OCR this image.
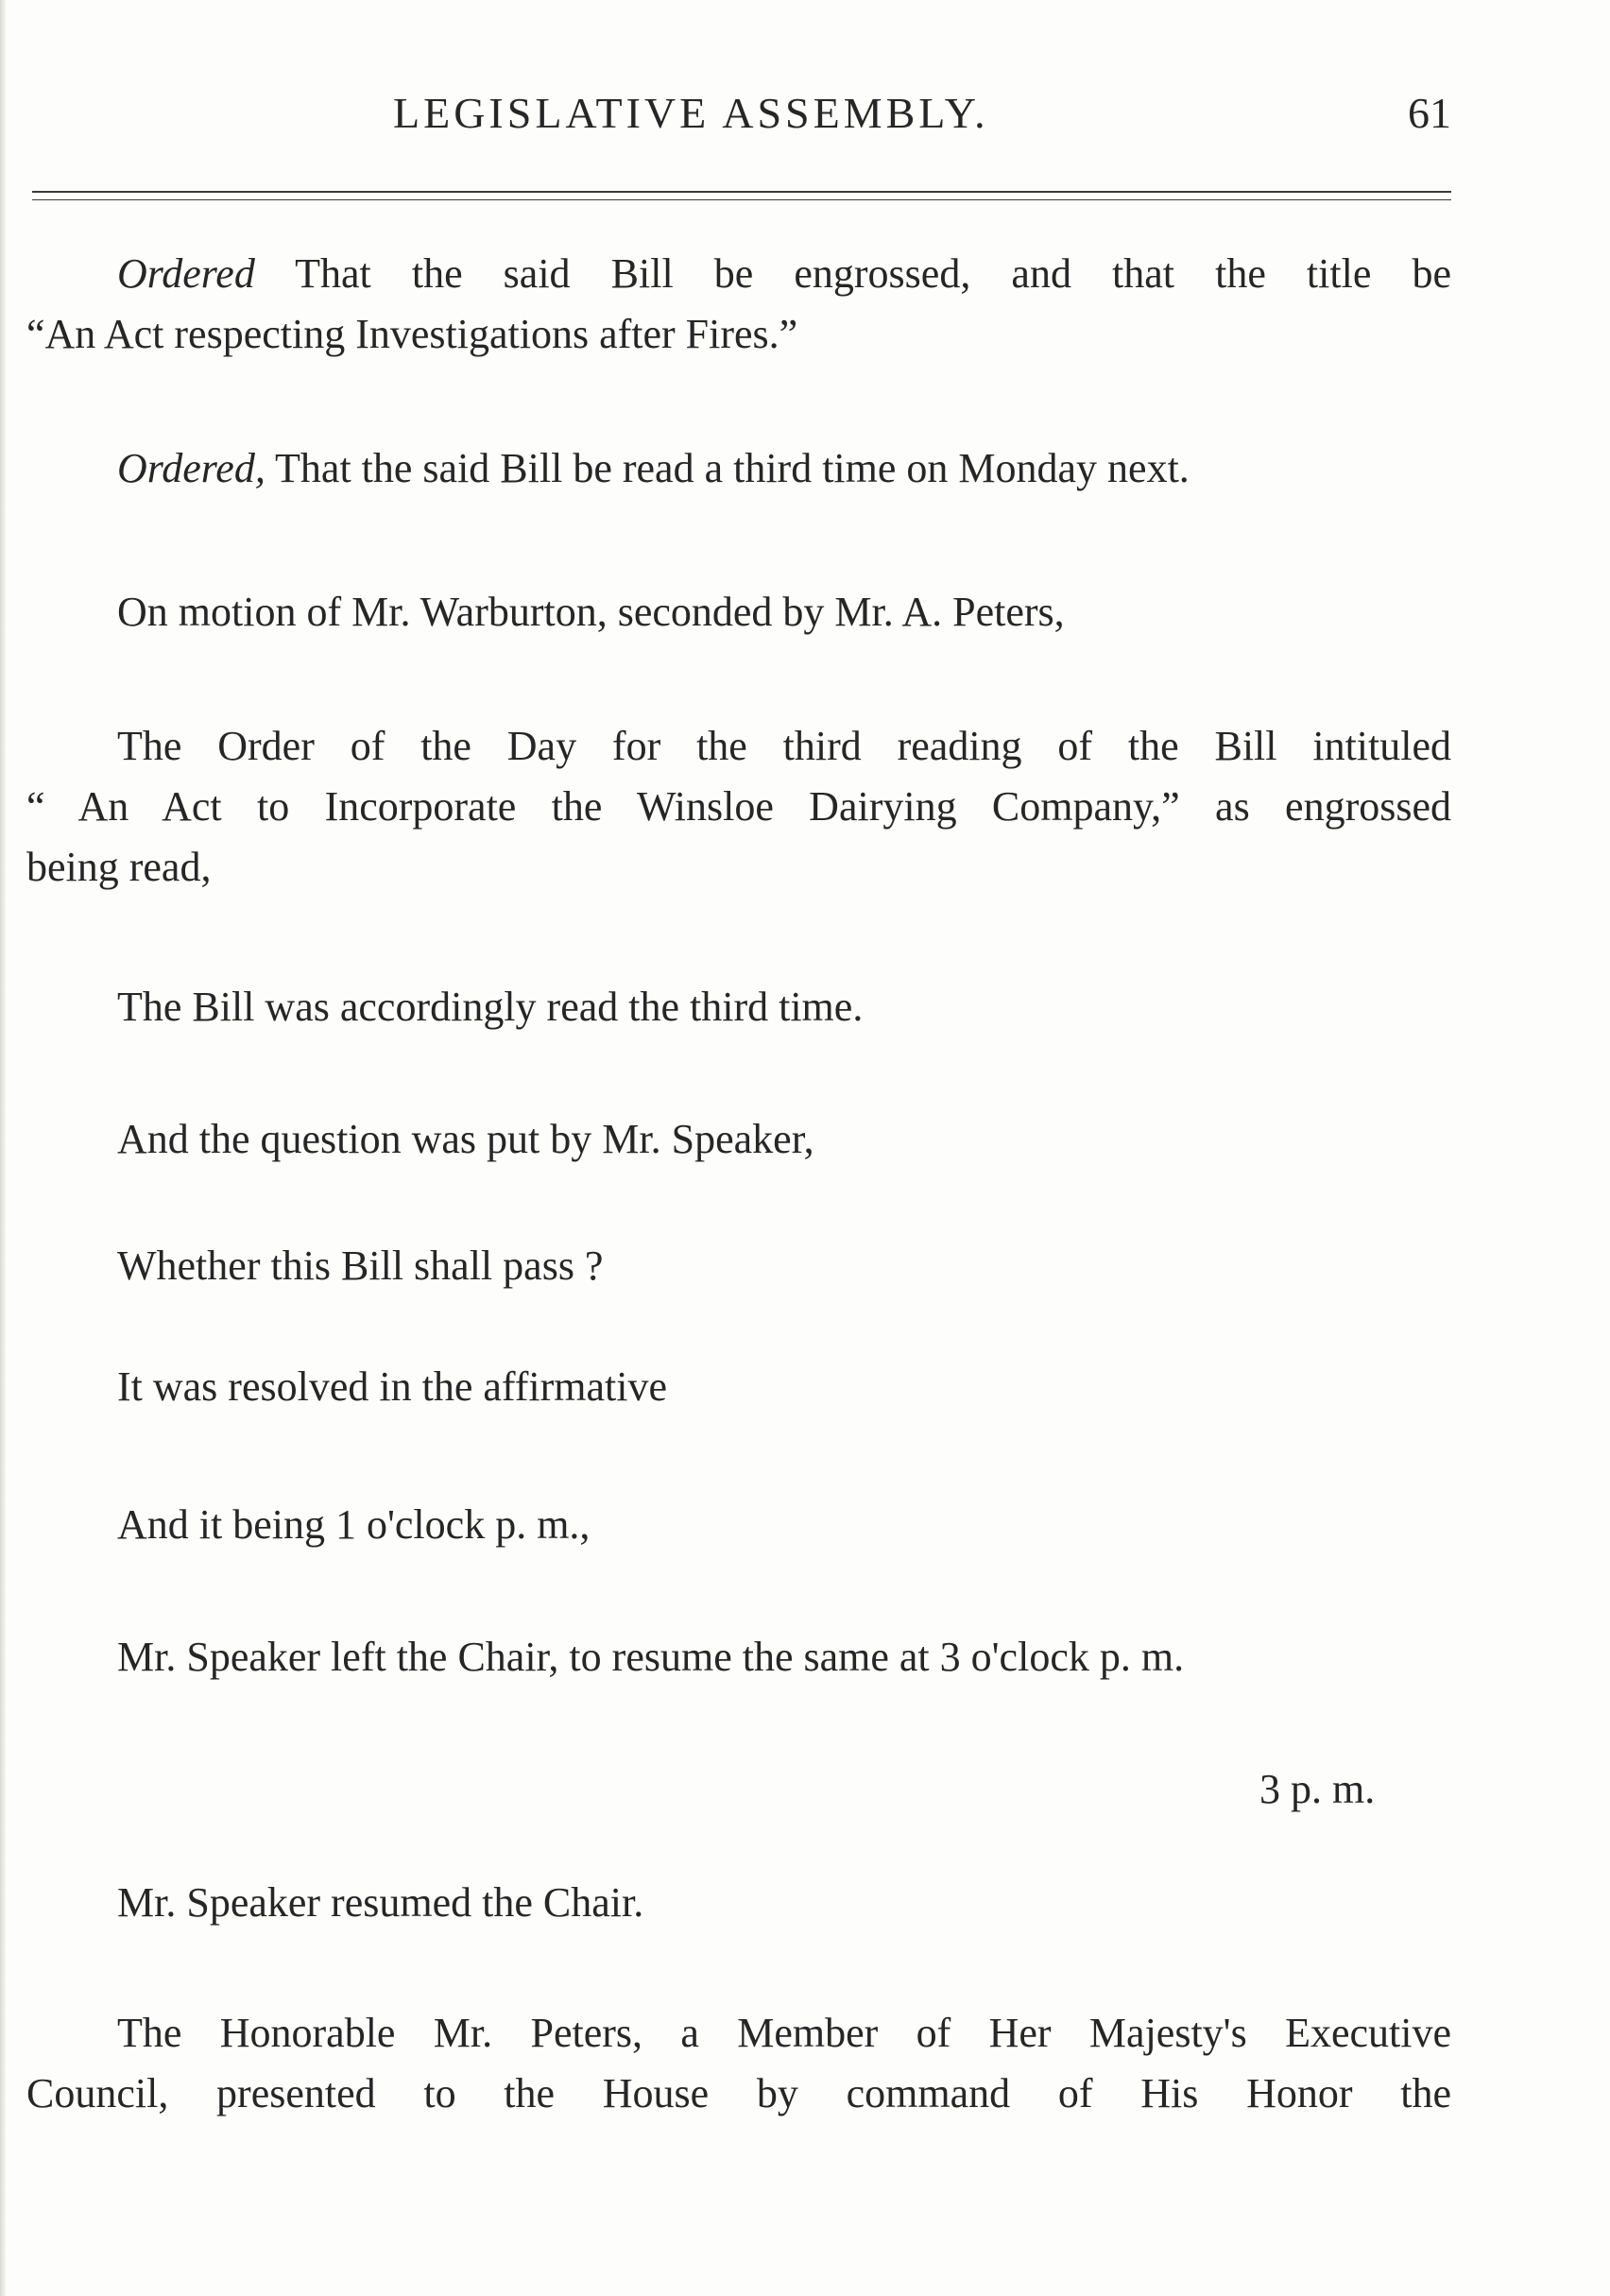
LEGISLATIVE ASSEMBLY.	61

Ordered That the said Bill be engrossed, and that the title be

“An Act respecting Investigations after Fires.”

Ordered, That the said Bill be read a third time on Monday next.

On motion of Mr. Warburton, seconded by Mr. A. Peters,

The Order of the Day for the third reading of the Bill intituled

“ An Act to Incorporate the Winsloe Dairying Company,” as engrossed

being read,

The Bill was accordingly read the third time.

And the question was put by Mr. Speaker,

Whether this Bill shall pass ?

It was resolved in the affirmative

And it being 1 o'clock p. m.,

Mr. Speaker left the Chair, to resume the same at 3 o'clock p. m.

3 p. m.

Mr. Speaker resumed the Chair.

The Honorable Mr. Peters, a Member of Her Majesty's Executive

Council, presented to the House by command of His Honor the
